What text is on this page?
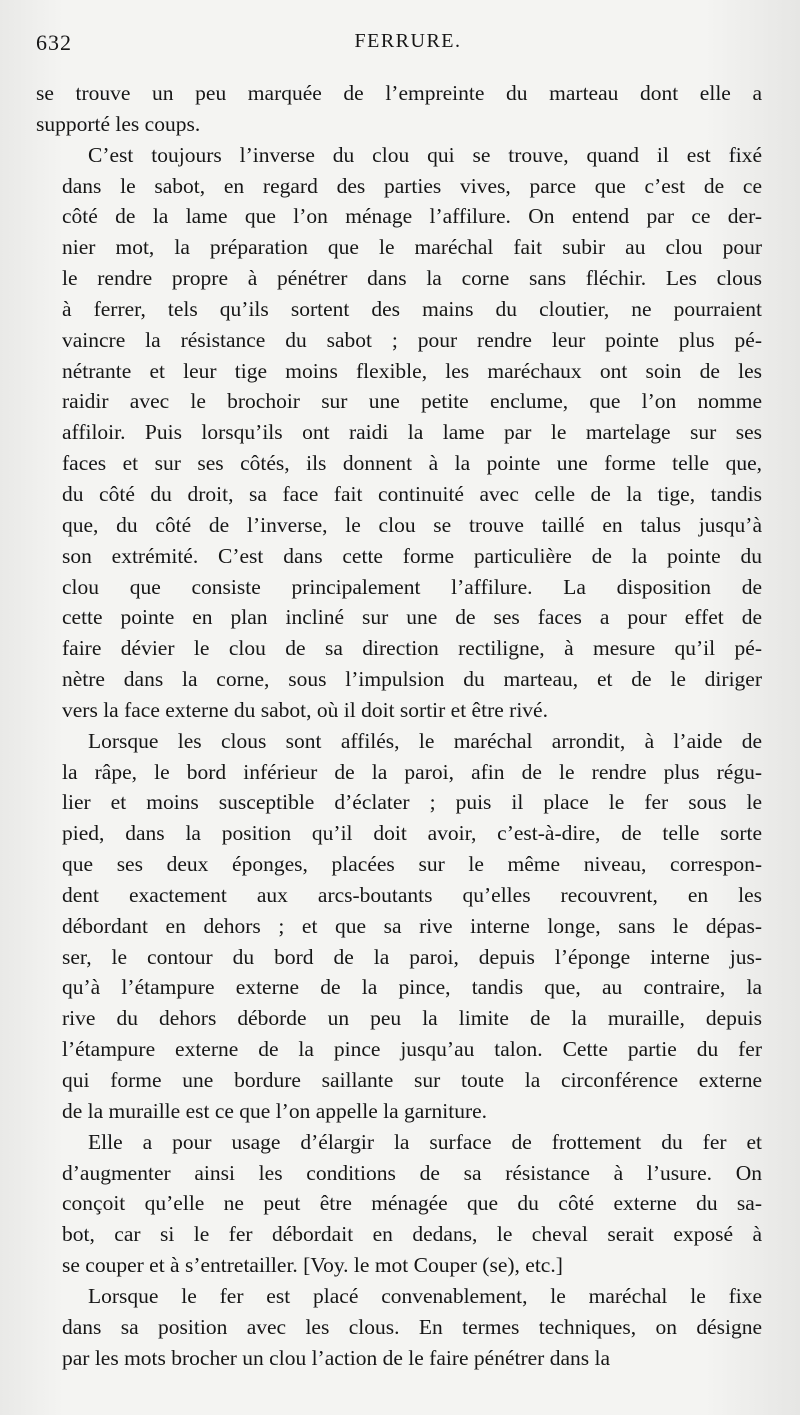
632	FERRURE.
se trouve un peu marquée de l’empreinte du marteau dont elle a
supporté les coups.
C’est toujours l’inverse du clou qui se trouve, quand il est fixé
dans le sabot, en regard des parties vives, parce que c’est de ce
côté de la lame que l’on ménage l’affilure. On entend par ce der-
nier mot, la préparation que le maréchal fait subir au clou pour
le rendre propre à pénétrer dans la corne sans fléchir. Les clous
à ferrer, tels qu’ils sortent des mains du cloutier, ne pourraient
vaincre la résistance du sabot ; pour rendre leur pointe plus pé-
nétrante et leur tige moins flexible, les maréchaux ont soin de les
raidir avec le brochoir sur une petite enclume, que l’on nomme
affiloir. Puis lorsqu’ils ont raidi la lame par le martelage sur ses
faces et sur ses côtés, ils donnent à la pointe une forme telle que,
du côté du droit, sa face fait continuité avec celle de la tige, tandis
que, du côté de l’inverse, le clou se trouve taillé en talus jusqu’à
son extrémité. C’est dans cette forme particulière de la pointe du
clou que consiste principalement l’affilure. La disposition de
cette pointe en plan incliné sur une de ses faces a pour effet de
faire dévier le clou de sa direction rectiligne, à mesure qu’il pé-
nètre dans la corne, sous l’impulsion du marteau, et de le diriger
vers la face externe du sabot, où il doit sortir et être rivé.
Lorsque les clous sont affilés, le maréchal arrondit, à l’aide de
la râpe, le bord inférieur de la paroi, afin de le rendre plus régu-
lier et moins susceptible d’éclater ; puis il place le fer sous le
pied, dans la position qu’il doit avoir, c’est-à-dire, de telle sorte
que ses deux éponges, placées sur le même niveau, correspon-
dent exactement aux arcs-boutants qu’elles recouvrent, en les
débordant en dehors ; et que sa rive interne longe, sans le dépas-
ser, le contour du bord de la paroi, depuis l’éponge interne jus-
qu’à l’étampure externe de la pince, tandis que, au contraire, la
rive du dehors déborde un peu la limite de la muraille, depuis
l’étampure externe de la pince jusqu’au talon. Cette partie du fer
qui forme une bordure saillante sur toute la circonférence externe
de la muraille est ce que l’on appelle la garniture.
Elle a pour usage d’élargir la surface de frottement du fer et
d’augmenter ainsi les conditions de sa résistance à l’usure. On
conçoit qu’elle ne peut être ménagée que du côté externe du sa-
bot, car si le fer débordait en dedans, le cheval serait exposé à
se couper et à s’entretailler. [Voy. le mot Couper (se), etc.]
Lorsque le fer est placé convenablement, le maréchal le fixe
dans sa position avec les clous. En termes techniques, on désigne
par les mots brocher un clou l’action de le faire pénétrer dans la
